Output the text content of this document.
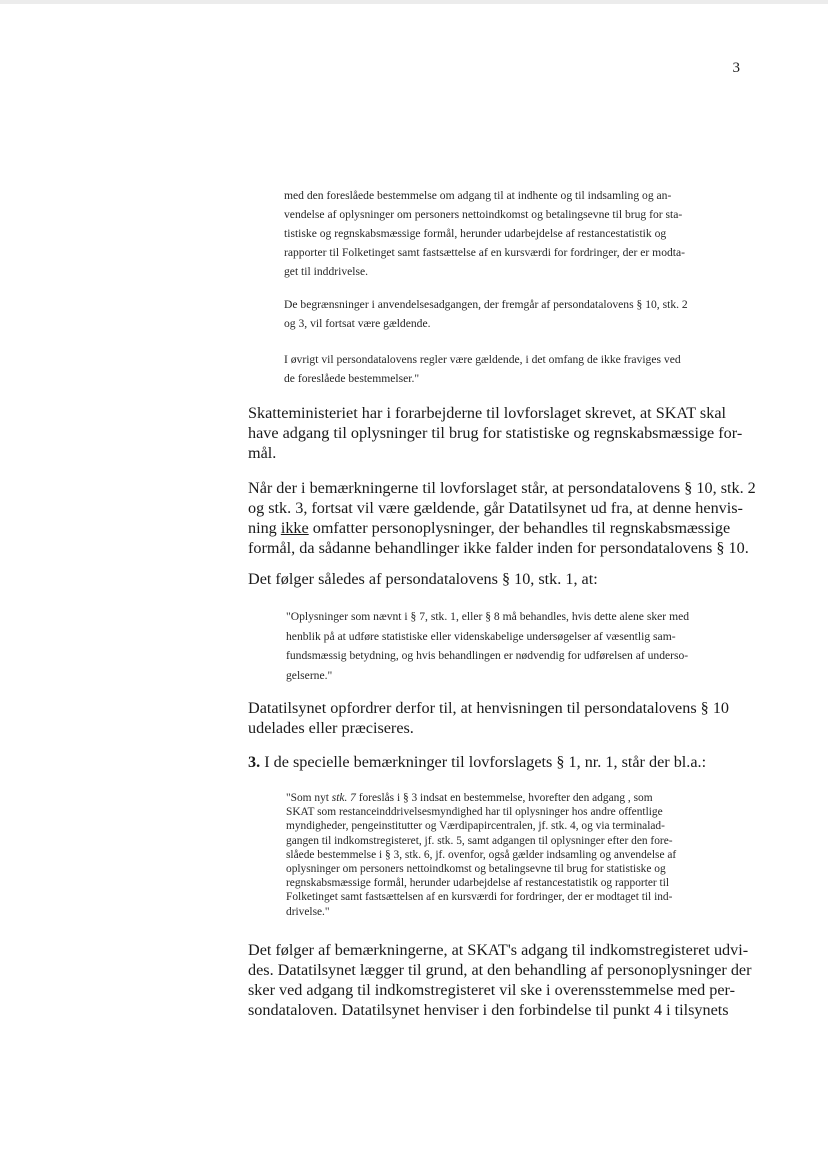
3
med den foreslåede bestemmelse om adgang til at indhente og til indsamling og an-
vendelse af oplysninger om personers nettoindkomst og betalingsevne til brug for sta-
tistiske og regnskabsmæssige formål, herunder udarbejdelse af restancestatistik og
rapporter til Folketinget samt fastsættelse af en kursværdi for fordringer, der er modta-
get til inddrivelse.
De begrænsninger i anvendelsesadgangen, der fremgår af persondatalovens § 10, stk. 2
og 3, vil fortsat være gældende.
I øvrigt vil persondatalovens regler være gældende, i det omfang de ikke fraviges ved
de foreslåede bestemmelser."
Skatteministeriet har i forarbejderne til lovforslaget skrevet, at SKAT skal
have adgang til oplysninger til brug for statistiske og regnskabsmæssige for-
mål.
Når der i bemærkningerne til lovforslaget står, at persondatalovens § 10, stk. 2
og stk. 3, fortsat vil være gældende, går Datatilsynet ud fra, at denne henvis-
ning ikke omfatter personoplysninger, der behandles til regnskabsmæssige
formål, da sådanne behandlinger ikke falder inden for persondatalovens § 10.
Det følger således af persondatalovens § 10, stk. 1, at:
"Oplysninger som nævnt i § 7, stk. 1, eller § 8 må behandles, hvis dette alene sker med
henblik på at udføre statistiske eller videnskabelige undersøgelser af væsentlig sam-
fundsmæssig betydning, og hvis behandlingen er nødvendig for udførelsen af underso-
gelserne."
Datatilsynet opfordrer derfor til, at henvisningen til persondatalovens § 10
udelades eller præciseres.
3. I de specielle bemærkninger til lovforslagets § 1, nr. 1, står der bl.a.:
"Som nyt stk. 7 foreslås i § 3 indsat en bestemmelse, hvorefter den adgang , som
SKAT som restanceinddrivelsesmyndighed har til oplysninger hos andre offentlige
myndigheder, pengeinstitutter og Værdipapircentralen, jf. stk. 4, og via terminalad-
gangen til indkomstregisteret, jf. stk. 5, samt adgangen til oplysninger efter den fore-
slåede bestemmelse i § 3, stk. 6, jf. ovenfor, også gælder indsamling og anvendelse af
oplysninger om personers nettoindkomst og betalingsevne til brug for statistiske og
regnskabsmæssige formål, herunder udarbejdelse af restancestatistik og rapporter til
Folketinget samt fastsættelsen af en kursværdi for fordringer, der er modtaget til ind-
drivelse."
Det følger af bemærkningerne, at SKAT's adgang til indkomstregisteret udvi-
des. Datatilsynet lægger til grund, at den behandling af personoplysninger der
sker ved adgang til indkomstregisteret vil ske i overensstemmelse med per-
sondataloven. Datatilsynet henviser i den forbindelse til punkt 4 i tilsynets
